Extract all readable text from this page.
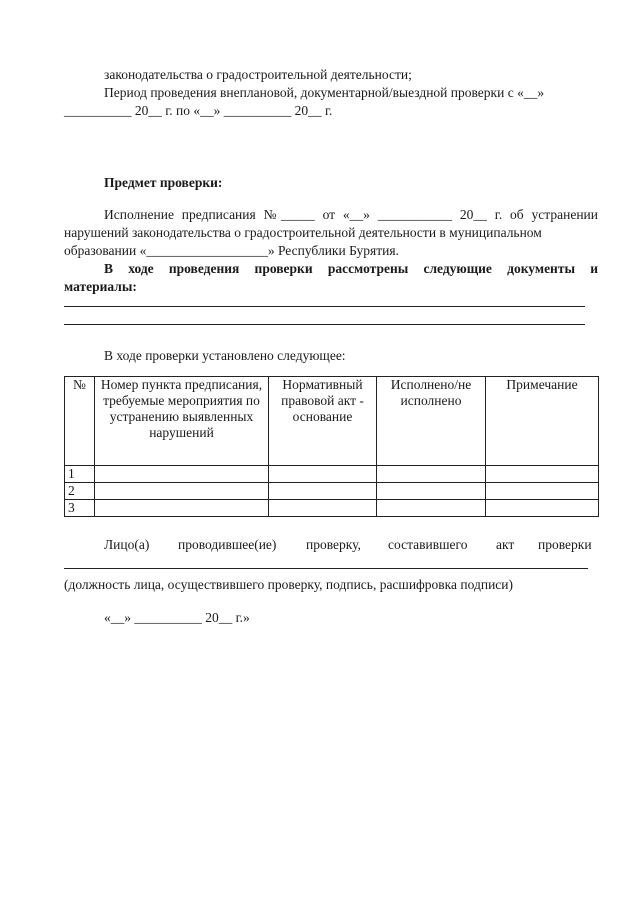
законодательства о градостроительной деятельности;
Период проведения внеплановой, документарной/выездной проверки с «__»
__________ 20__ г. по «__» __________ 20__ г.
Предмет проверки:
Исполнение предписания №_____ от «__» ___________ 20__ г. об устранении
нарушений законодательства о градостроительной деятельности в муниципальном
образовании «__________________» Республики Бурятия.
В ходе проведения проверки рассмотрены следующие документы и
материалы:
В ходе проверки установлено следующее:
№	Номер пункта предписания, требуемые мероприятия по устранению выявленных нарушений	Нормативный правовой акт - основание	Исполнено/не исполнено	Примечание
1				
2				
3				
Лицо(а) проводившее(ие) проверку, составившего акт проверки
(должность лица, осуществившего проверку, подпись, расшифровка подписи)
«__» __________ 20__ г.»
